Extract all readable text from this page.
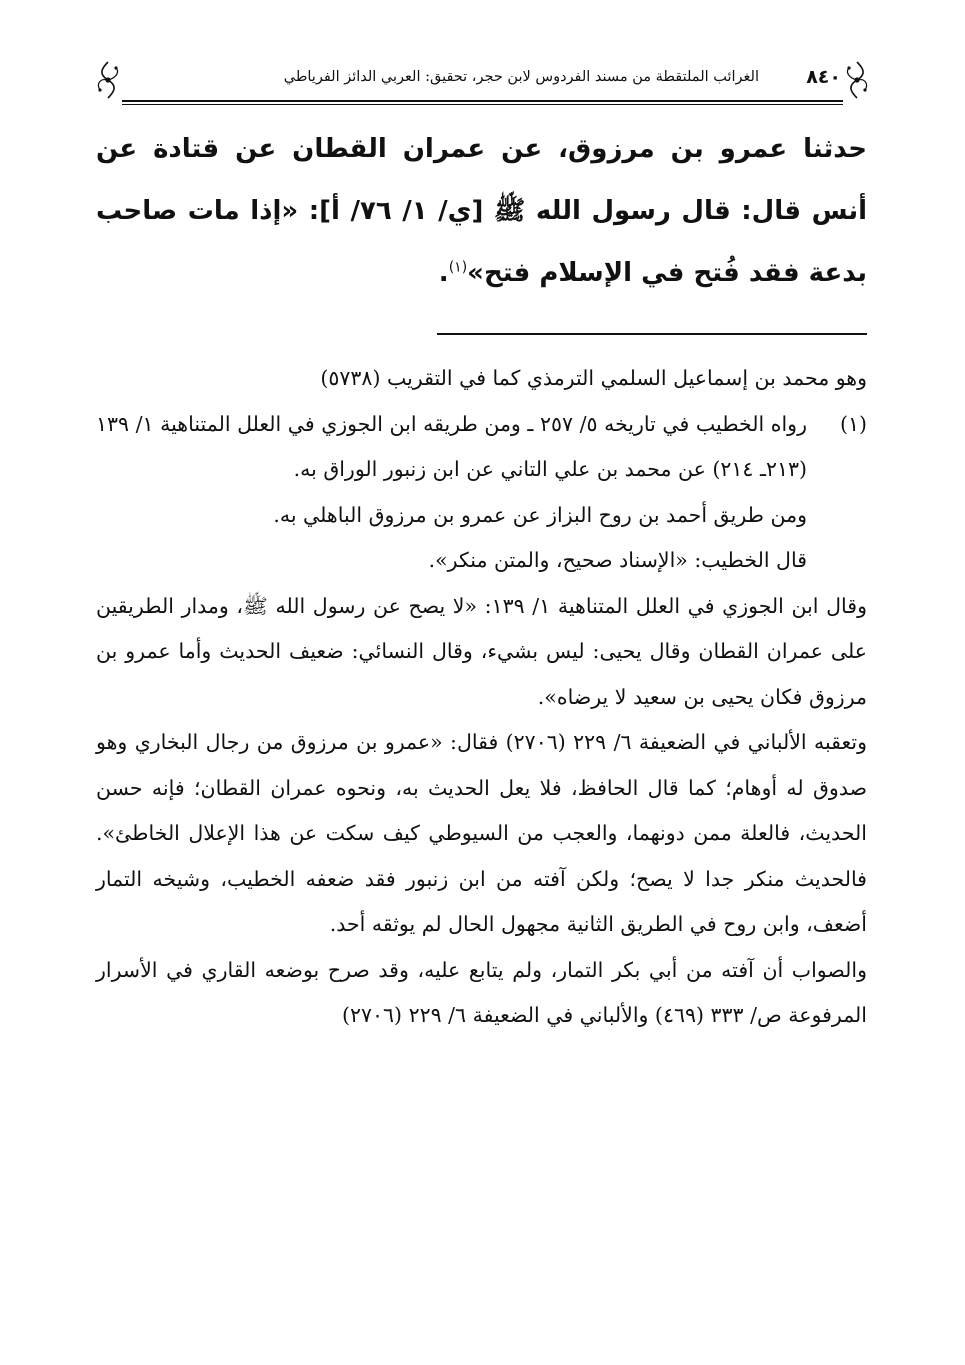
٨٤٠
الغرائب الملتقطة من مسند الفردوس لابن حجر، تحقيق: العربي الدائز الفرياطي
حدثنا عمرو بن مرزوق، عن عمران القطان عن قتادة عن أنس قال: قال رسول الله ﷺ [ي/ ١/ ٧٦/ أ]: «إذا مات صاحب بدعة فقد فُتح في الإسلام فتح»$^{(١)}$.

وهو محمد بن إسماعيل السلمي الترمذي كما في التقريب (٥٧٣٨)

(١)

رواه الخطيب في تاريخه ٥/ ٢٥٧ ـ ومن طريقه ابن الجوزي في العلل المتناهية ١/ ١٣٩ (٢١٣ـ ٢١٤) عن محمد بن علي التاني عن ابن زنبور الوراق به.

ومن طريق أحمد بن روح البزاز عن عمرو بن مرزوق الباهلي به.

قال الخطيب: «الإسناد صحيح، والمتن منكر».

وقال ابن الجوزي في العلل المتناهية ١/ ١٣٩: «لا يصح عن رسول الله ﷺ، ومدار الطريقين على عمران القطان وقال يحيى: ليس بشيء، وقال النسائي: ضعيف الحديث وأما عمرو بن مرزوق فكان يحيى بن سعيد لا يرضاه».

وتعقبه الألباني في الضعيفة ٦/ ٢٢٩ (٢٧٠٦) فقال: «عمرو بن مرزوق من رجال البخاري وهو صدوق له أوهام؛ كما قال الحافظ، فلا يعل الحديث به، ونحوه عمران القطان؛ فإنه حسن الحديث، فالعلة ممن دونهما، والعجب من السيوطي كيف سكت عن هذا الإعلال الخاطئ». فالحديث منكر جدا لا يصح؛ ولكن آفته من ابن زنبور فقد ضعفه الخطيب، وشيخه التمار أضعف، وابن روح في الطريق الثانية مجهول الحال لم يوثقه أحد.

والصواب أن آفته من أبي بكر التمار، ولم يتابع عليه، وقد صرح بوضعه القاري في الأسرار المرفوعة ص/ ٣٣٣ (٤٦٩) والألباني في الضعيفة ٦/ ٢٢٩ (٢٧٠٦)
